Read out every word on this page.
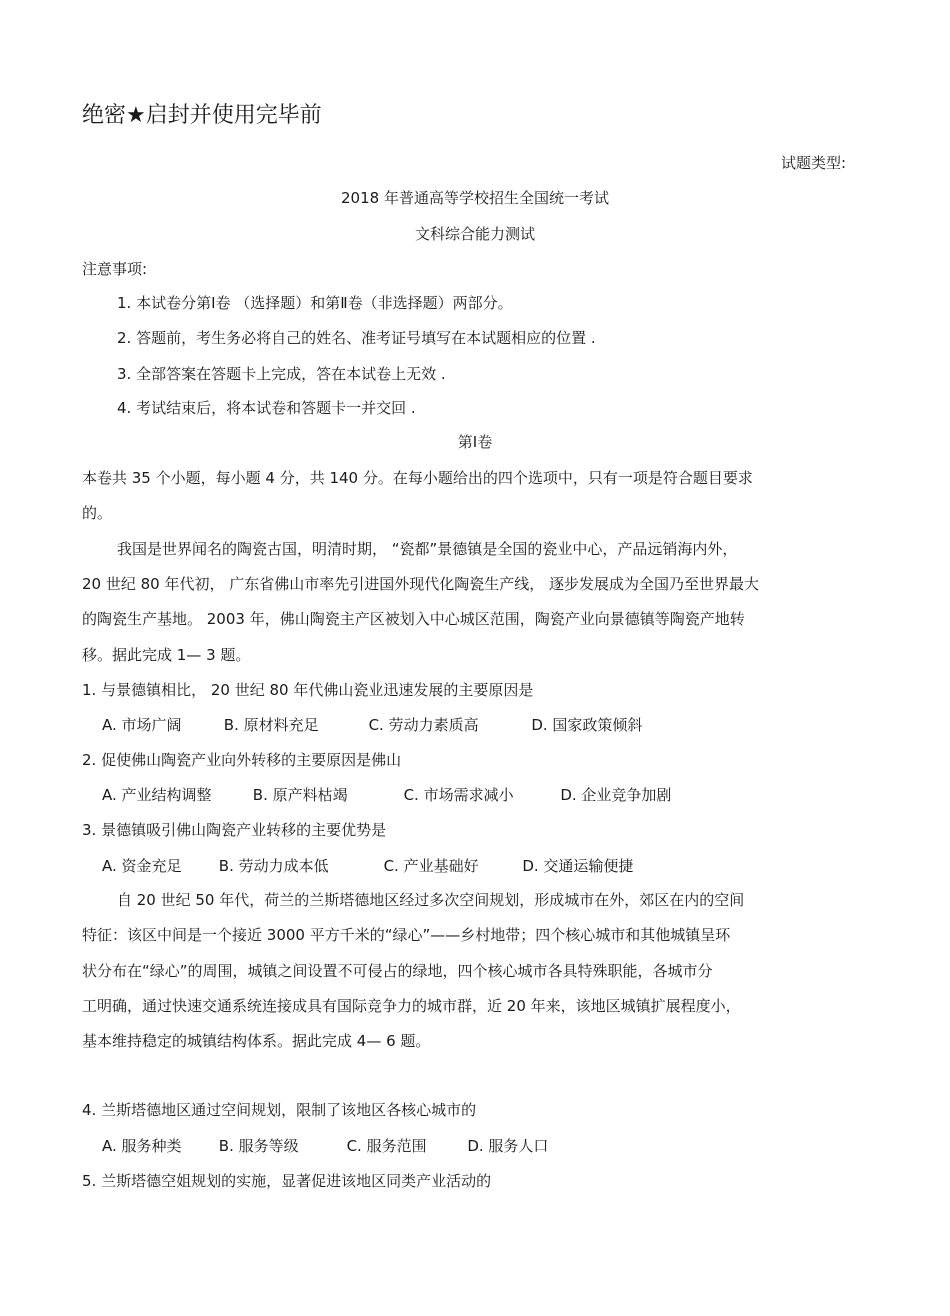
绝密★启封并使用完毕前
试题类型:
2018 年普通高等学校招生全国统一考试
文科综合能力测试
注意事项:
1. 本试卷分第Ⅰ卷 （选择题）和第Ⅱ卷（非选择题）两部分。
2. 答题前，考生务必将自己的姓名、准考证号填写在本试题相应的位置 .
3. 全部答案在答题卡上完成，答在本试卷上无效 .
4. 考试结束后，将本试卷和答题卡一并交回 .
第Ⅰ卷
本卷共 35 个小题，每小题 4 分，共 140 分。在每小题给出的四个选项中，只有一项是符合题目要求
的。
我国是世界闻名的陶瓷古国，明清时期， “瓷都”景德镇是全国的瓷业中心，产品远销海内外，
20 世纪 80 年代初， 广东省佛山市率先引进国外现代化陶瓷生产线， 逐步发展成为全国乃至世界最大
的陶瓷生产基地。 2003 年，佛山陶瓷主产区被划入中心城区范围，陶瓷产业向景德镇等陶瓷产地转
移。据此完成 1— 3 题。
1. 与景德镇相比， 20 世纪 80 年代佛山瓷业迅速发展的主要原因是
A. 市场广阔	B. 原材料充足	C. 劳动力素质高	D. 国家政策倾斜
2. 促使佛山陶瓷产业向外转移的主要原因是佛山
A. 产业结构调整	B. 原产料枯竭	C. 市场需求减小	D. 企业竞争加剧
3. 景德镇吸引佛山陶瓷产业转移的主要优势是
A. 资金充足 B. 劳动力成本低	C. 产业基础好	D. 交通运输便捷
自 20 世纪 50 年代，荷兰的兰斯塔德地区经过多次空间规划，形成城市在外，郊区在内的空间
特征：该区中间是一个接近 3000 平方千米的“绿心”——乡村地带；四个核心城市和其他城镇呈环
状分布在“绿心”的周围，城镇之间设置不可侵占的绿地，四个核心城市各具特殊职能，各城市分
工明确，通过快速交通系统连接成具有国际竞争力的城市群，近 20 年来，该地区城镇扩展程度小，
基本维持稳定的城镇结构体系。据此完成 4— 6 题。
4. 兰斯塔德地区通过空间规划，限制了该地区各核心城市的
A. 服务种类 B. 服务等级	C. 服务范围	D. 服务人口
5. 兰斯塔德空姐规划的实施，显著促进该地区同类产业活动的
